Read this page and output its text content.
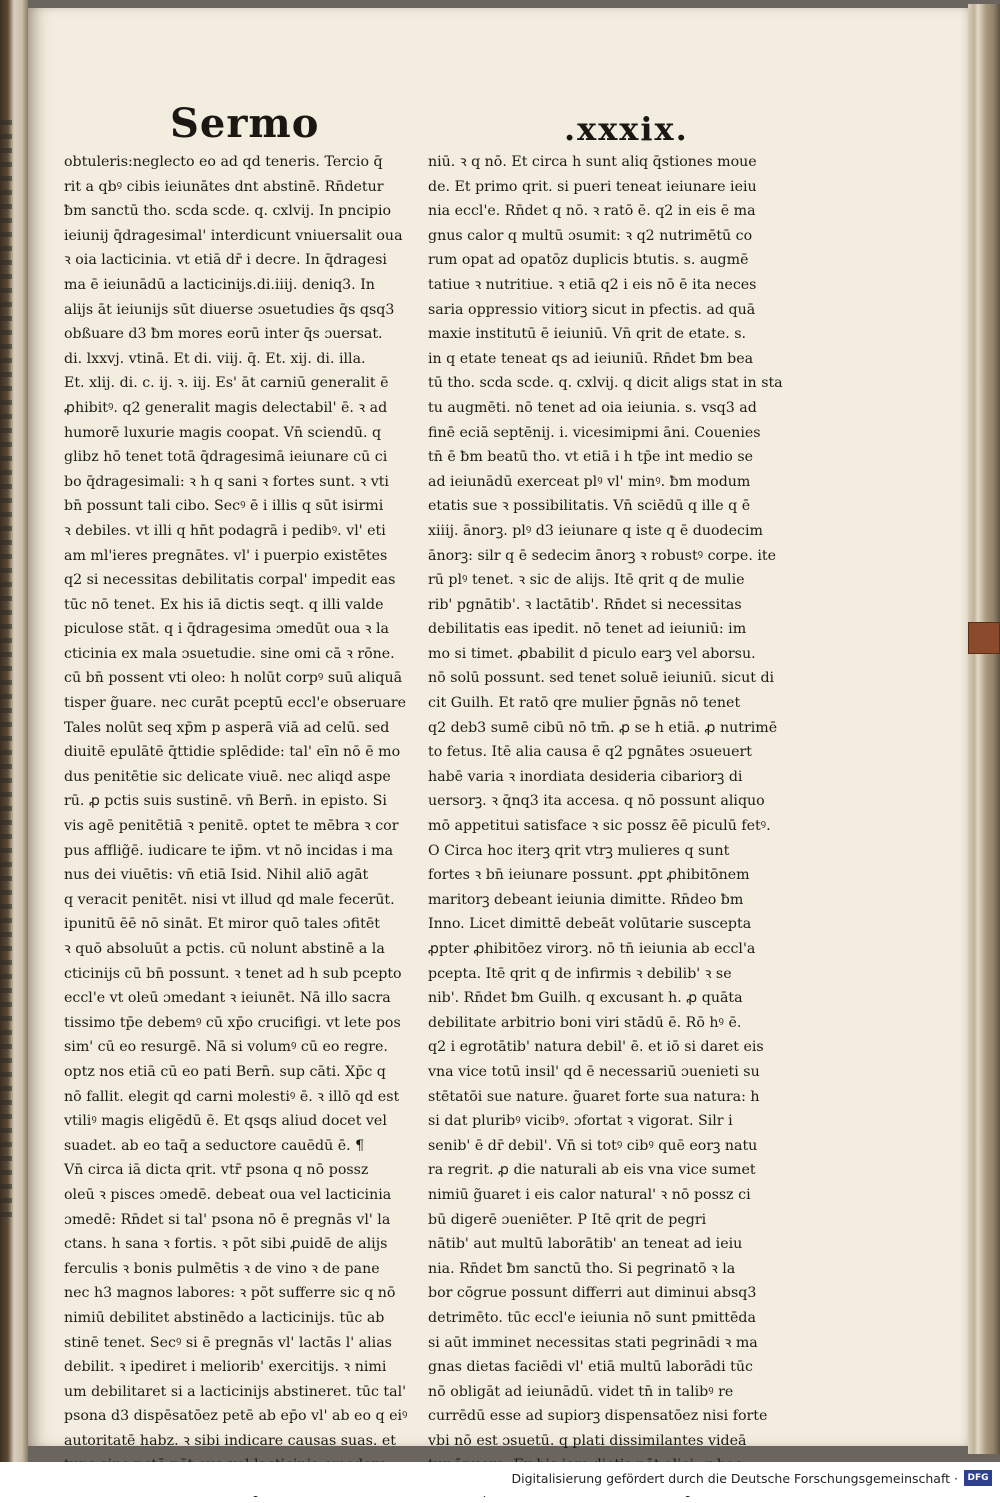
Sermo	.xxxix.
obtuleris:neglecto eo ad qd teneris. Tercio q̄
rit a qbꝰ cibis ieiunātes dnt abstinē. Rn̄detur
ƀm sanctū tho. scda scde. q. cxlvij. In pncipio
ieiunij q̄dragesimal' interdicunt vniuersalit oua
ꝛ oia lacticinia. vt etiā dr̄ i decre. In q̄dragesi
ma ē ieiunādū a lacticinijs.di.iiij. deniq3. In
alijs āt ieiunijs sūt diuerse ɔsuetudies q̄s qsq3
obßuare d3 ƀm mores eorū inter q̄s ɔuersat.
di. lxxvj. vtinā. Et di. viij. q̄. Et. xij. di. illa.
Et. xlij. di. c. ij. ꝛ. iij. Es' āt carniū generalit ē
ꝓhibitꝰ. q2 generalit magis delectabil' ē. ꝛ ad
humorē luxurie magis coopat. Vn̄ sciendū. q
glibz hō tenet totā q̄dragesimā ieiunare cū ci
bo q̄dragesimali: ꝛ h q sani ꝛ fortes sunt. ꝛ vti
bn̄ possunt tali cibo. Secꝰ ē i illis q sūt isirmi
ꝛ debiles. vt illi q hn̄t podagrā i pedibꝰ. vl' eti
am ml'ieres pregnātes. vl' i puerpio existētes
q2 si necessitas debilitatis corpal' impedit eas
tūc nō tenet. Ex his iā dictis seqt. q illi valde
piculose stāt. q i q̄dragesima ɔmedūt oua ꝛ la
cticinia ex mala ɔsuetudie. sine omi cā ꝛ rōne.
cū bn̄ possent vti oleo: h nolūt corpꝰ suū aliquā
tisper g̃uare. nec curāt pceptū eccl'e obseruare
Tales nolūt seq xp̄m p asperā viā ad celū. sed
diuitē epulātē q̄ttidie splēdide: tal' eīn nō ē mo
dus penitētie sic delicate viuē. nec aliqd aspe
rū. ꝓ pctis suis sustinē. vn̄ Bern̄. in episto. Si
vis agē penitētiā ꝛ penitē. optet te mēbra ꝛ cor
pus afflig̃ē. iudicare te ip̄m. vt nō incidas i ma
nus dei viuētis: vn̄ etiā Isid. Nihil aliō agāt
q veracit penitēt. nisi vt illud qd male fecerūt.
ipunitū ēē nō sināt. Et miror quō tales ɔfitēt
ꝛ quō absoluūt a pctis. cū nolunt abstinē a la
cticinijs cū bn̄ possunt. ꝛ tenet ad h sub pcepto
eccl'e vt oleū ɔmedant ꝛ ieiunēt. Nā illo sacra
tissimo tp̄e debemꝰ cū xp̄o crucifigi. vt lete pos
sim' cū eo resurgē. Nā si volumꝰ cū eo regre.
optz nos etiā cū eo pati Bern̄. sup cāti. Xp̄c q
nō fallit. elegit qd carni molestiꝰ ē. ꝛ illō qd est
vtiliꝰ magis eligēdū ē. Et qsqs aliud docet vel
suadet. ab eo taq̄ a seductore cauēdū ē. ¶
Vn̄ circa iā dicta qrit. vtr̄ psona q nō possz
oleū ꝛ pisces ɔmedē. debeat oua vel lacticinia
ɔmedē: Rn̄det si tal' psona nō ē pregnās vl' la
ctans. h sana ꝛ fortis. ꝛ pōt sibi ꝓuidē de alijs
ferculis ꝛ bonis pulmētis ꝛ de vino ꝛ de pane
nec h3 magnos labores: ꝛ pōt sufferre sic q nō
nimiū debilitet abstinēdo a lacticinijs. tūc ab
stinē tenet. Secꝰ si ē pregnās vl' lactās l' alias
debilit. ꝛ ipediret i meliorib' exercitijs. ꝛ nimi
um debilitaret si a lacticinijs abstineret. tūc tal'
psona d3 dispēsatōez petē ab ep̄o vl' ab eo q eiꝰ
autoritatē habz. ꝛ sibi indicare causas suas. et
niū. ꝛ q nō. Et circa h sunt aliq q̄stiones moue
de. Et primo qrit. si pueri teneat ieiunare ieiu
nia eccl'e. Rn̄det q nō. ꝛ ratō ē. q2 in eis ē ma
gnus calor q multū ɔsumit: ꝛ q2 nutrimētū co
rum opat ad opatōz duplicis btutis. s. augmē
tatiue ꝛ nutritiue. ꝛ etiā q2 i eis nō ē ita neces
saria oppressio vitiorꝫ sicut in pfectis. ad quā
maxie institutū ē ieiuniū. Vn̄ qrit de etate. s.
in q etate teneat qs ad ieiuniū. Rn̄det ƀm bea
tū tho. scda scde. q. cxlvij. q dicit aligs stat in sta
tu augmēti. nō tenet ad oia ieiunia. s. vsq3 ad
finē eciā septēnij. i. vicesimipmi āni. Couenies
tn̄ ē ƀm beatū tho. vt etiā i h tp̄e int medio se
ad ieiunādū exerceat plꝰ vl' minꝰ. ƀm modum
etatis sue ꝛ possibilitatis. Vn̄ sciēdū q ille q ē
xiiij. ānorꝫ. plꝰ d3 ieiunare q iste q ē duodecim
ānorꝫ: silr q ē sedecim ānorꝫ ꝛ robustꝰ corpe. ite
rū plꝰ tenet. ꝛ sic de alijs. Itē qrit q de mulie
rib' pgnātib'. ꝛ lactātib'. Rn̄det si necessitas
debilitatis eas ipedit. nō tenet ad ieiuniū: im
mo si timet. ꝓbabilit d piculo earꝫ vel aborsu.
nō solū possunt. sed tenet soluē ieiuniū. sicut di
cit Guilh. Et ratō qre mulier p̄gnās nō tenet
q2 deb3 sumē cibū nō tm̄. ꝓ se h etiā. ꝓ nutrimē
to fetus. Itē alia causa ē q2 pgnātes ɔsueuert
habē varia ꝛ inordiata desideria cibariorꝫ di
uersorꝫ. ꝛ q̄nq3 ita accesa. q nō possunt aliquo
mō appetitui satisface ꝛ sic possz ēē piculū fetꝰ.
O Circa hoc iterꝫ qrit vtrꝫ mulieres q sunt
fortes ꝛ bn̄ ieiunare possunt. ꝓpt ꝓhibitōnem
maritorꝫ debeant ieiunia dimitte. Rn̄deo ƀm
Inno. Licet dimittē debeāt volūtarie suscepta
ꝓpter ꝓhibitōez virorꝫ. nō tn̄ ieiunia ab eccl'a
pcepta. Itē qrit q de infirmis ꝛ debilib' ꝛ se
nib'. Rn̄det ƀm Guilh. q excusant h. ꝓ quāta
debilitate arbitrio boni viri stādū ē. Rō hꝰ ē.
q2 i egrotātib' natura debil' ē. et iō si daret eis
vna vice totū insil' qd ē necessariū ɔuenieti su
stētatōi sue nature. g̃uaret forte sua natura: h
si dat pluribꝰ vicibꝰ. ɔfortat ꝛ vigorat. Silr i
senib' ē dr̄ debil'. Vn̄ si totꝰ cibꝰ quē eorꝫ natu
ra regrit. ꝓ die naturali ab eis vna vice sumet
nimiū g̃uaret i eis calor natural' ꝛ nō possz ci
bū digerē ɔueniēter. P Itē qrit de pegri
nātib' aut multū laborātib' an teneat ad ieiu
nia. Rn̄det ƀm sanctū tho. Si pegrinatō ꝛ la
bor cōgrue possunt differri aut diminui absq3
detrimēto. tūc eccl'e ieiunia nō sunt pmittēda
si aūt imminet necessitas stati pegrinādi ꝛ ma
gnas dietas faciēdi vl' etiā multū laborādi tūc
nō obligāt ad ieiunādū. videt tn̄ in talibꝰ re
currēdū esse ad supiorꝫ dispensatōez nisi forte
vbi nō est ɔsuetū. q plati dissimilantes videā
Digitalisierung gefördert durch die Deutsche Forschungsgemeinschaft ·	DFG
